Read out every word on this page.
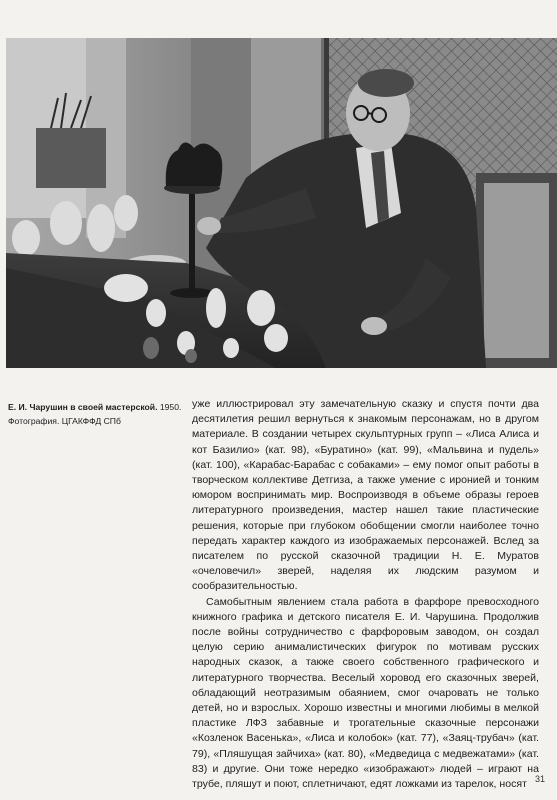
Е. И. Чарушин в своей мастерской. 1950.
Фотография. ЦГАКФФД СПб

уже иллюстрировал эту замечательную сказку и спустя почти два десятилетия решил вернуться к знакомым персонажам, но в другом материале. В создании четырех скульптурных групп – «Лиса Алиса и кот Базилио» (кат. 98), «Буратино» (кат. 99), «Мальвина и пудель» (кат. 100), «Карабас-Барабас с собаками» – ему помог опыт работы в творческом коллективе Детгиза, а также умение с иронией и тонким юмором воспринимать мир. Воспроизводя в объеме образы героев литературного произведения, мастер нашел такие пластические решения, которые при глубоком обобщении смогли наиболее точно передать характер каждого из изображаемых персонажей. Вслед за писателем по русской сказочной традиции Н. Е. Муратов «очеловечил» зверей, наделяя их людским разумом и сообразительностью.

Самобытным явлением стала работа в фарфоре превосходного книжного графика и детского писателя Е. И. Чарушина. Продолжив после войны сотрудничество с фарфоровым заводом, он создал целую серию анималистических фигурок по мотивам русских народных сказок, а также своего собственного графического и литературного творчества. Веселый хоровод его сказочных зверей, обладающий неотразимым обаянием, смог очаровать не только детей, но и взрослых. Хорошо известны и многими любимы в мелкой пластике ЛФЗ забавные и трогательные сказочные персонажи «Козленок Васенька», «Лиса и колобок» (кат. 77), «Заяц-трубач» (кат. 79), «Пляшущая зайчиха» (кат. 80), «Медведица с медвежатами» (кат. 83) и другие. Они тоже нередко «изображают» людей – играют на трубе, пляшут и поют, сплетничают, едят ложками из тарелок, носят 31
